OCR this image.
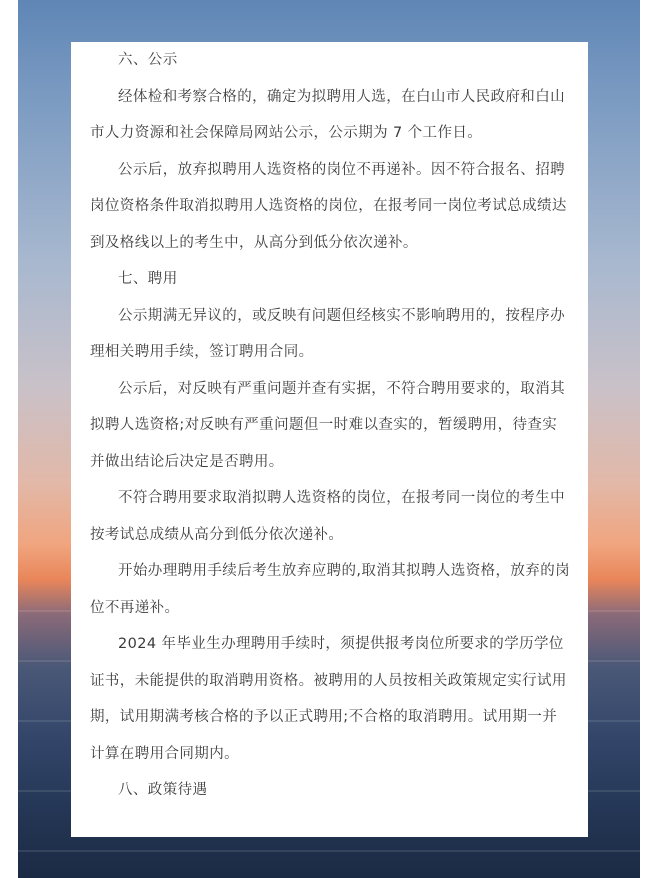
六、公示

经体检和考察合格的，确定为拟聘用人选，在白山市人民政府和白山市人力资源和社会保障局网站公示，公示期为 7 个工作日。

公示后，放弃拟聘用人选资格的岗位不再递补。因不符合报名、招聘岗位资格条件取消拟聘用人选资格的岗位，在报考同一岗位考试总成绩达到及格线以上的考生中，从高分到低分依次递补。

七、聘用

公示期满无异议的，或反映有问题但经核实不影响聘用的，按程序办理相关聘用手续，签订聘用合同。

公示后，对反映有严重问题并查有实据，不符合聘用要求的，取消其拟聘人选资格;对反映有严重问题但一时难以查实的，暂缓聘用，待查实并做出结论后决定是否聘用。

不符合聘用要求取消拟聘人选资格的岗位，在报考同一岗位的考生中按考试总成绩从高分到低分依次递补。

开始办理聘用手续后考生放弃应聘的,取消其拟聘人选资格，放弃的岗位不再递补。

2024 年毕业生办理聘用手续时，须提供报考岗位所要求的学历学位证书，未能提供的取消聘用资格。被聘用的人员按相关政策规定实行试用期，试用期满考核合格的予以正式聘用;不合格的取消聘用。试用期一并计算在聘用合同期内。

八、政策待遇
